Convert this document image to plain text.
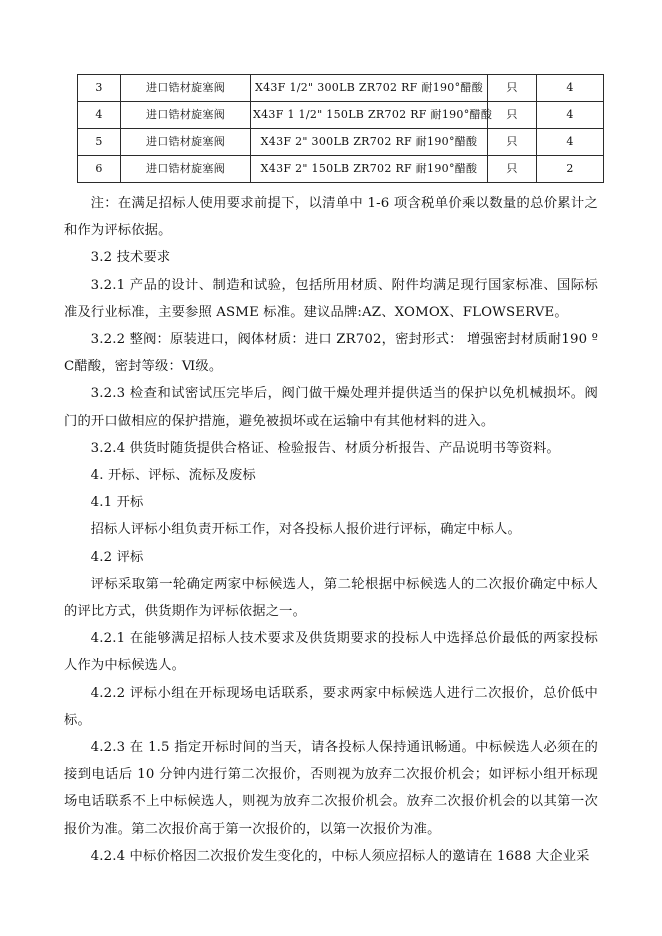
3	进口锆材旋塞阀	X43F 1/2" 300LB ZR702 RF 耐190°醋酸	只	4
4	进口锆材旋塞阀	X43F 1 1/2" 150LB ZR702 RF 耐190°醋酸	只	4
5	进口锆材旋塞阀	X43F 2" 300LB ZR702 RF 耐190°醋酸	只	4
6	进口锆材旋塞阀	X43F 2" 150LB ZR702 RF 耐190°醋酸	只	2

注：在满足招标人使用要求前提下，以清单中 1-6 项含税单价乘以数量的总价累计之和作为评标依据。

3.2 技术要求

3.2.1 产品的设计、制造和试验，包括所用材质、附件均满足现行国家标准、国际标准及行业标准，主要参照 ASME 标准。建议品牌:AZ、XOMOX、FLOWSERVE。

3.2.2 整阀：原装进口，阀体材质：进口 ZR702，密封形式： 增强密封材质耐190 ºC醋酸，密封等级：Ⅵ级。

3.2.3 检查和试密试压完毕后，阀门做干燥处理并提供适当的保护以免机械损坏。阀门的开口做相应的保护措施，避免被损坏或在运输中有其他材料的进入。

3.2.4 供货时随货提供合格证、检验报告、材质分析报告、产品说明书等资料。

4. 开标、评标、流标及废标

4.1 开标

招标人评标小组负责开标工作，对各投标人报价进行评标，确定中标人。

4.2 评标

评标采取第一轮确定两家中标候选人，第二轮根据中标候选人的二次报价确定中标人的评比方式，供货期作为评标依据之一。

4.2.1 在能够满足招标人技术要求及供货期要求的投标人中选择总价最低的两家投标人作为中标候选人。

4.2.2 评标小组在开标现场电话联系，要求两家中标候选人进行二次报价，总价低中标。

4.2.3 在 1.5 指定开标时间的当天，请各投标人保持通讯畅通。中标候选人必须在的接到电话后 10 分钟内进行第二次报价，否则视为放弃二次报价机会；如评标小组开标现场电话联系不上中标候选人，则视为放弃二次报价机会。放弃二次报价机会的以其第一次报价为准。第二次报价高于第一次报价的，以第一次报价为准。

4.2.4 中标价格因二次报价发生变化的，中标人须应招标人的邀请在 1688 大企业采
